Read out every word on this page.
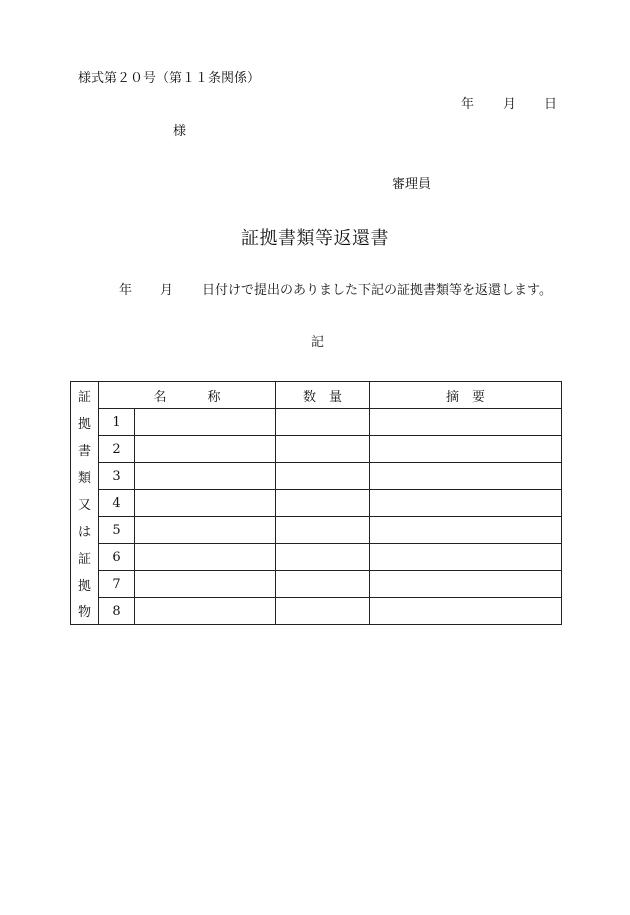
様式第２０号（第１１条関係）
年 月 日
様
審理員
証拠書類等返還書
年 月 日付けで提出のありました下記の証拠書類等を返還します。
記
証	名　称		数　量	摘　要
拠	1			
書	2			
類	3			
又	4			
は	5			
証	6			
拠	7			
物	8			
